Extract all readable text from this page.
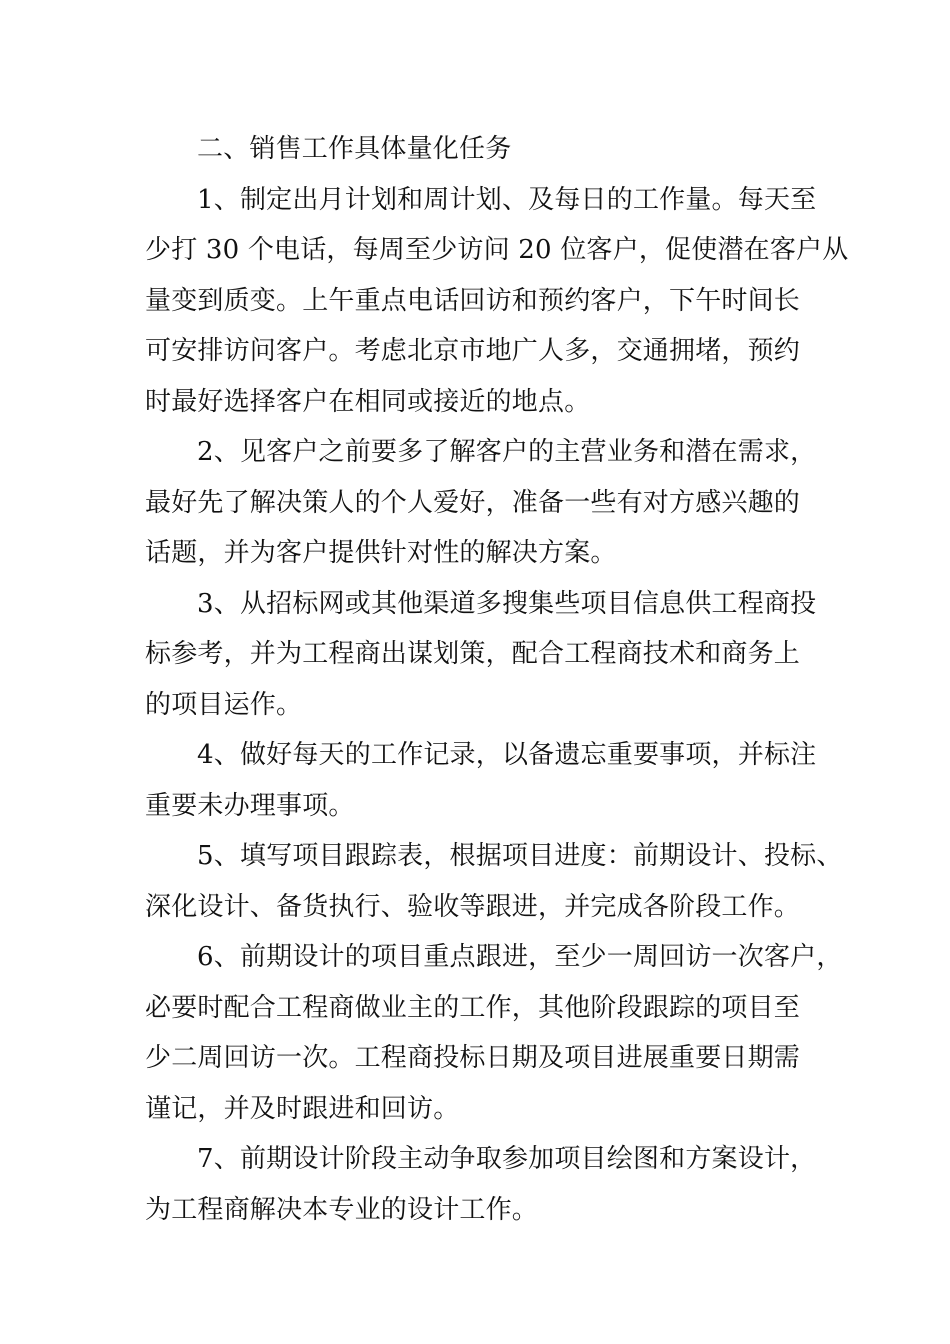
二、销售工作具体量化任务
1、制定出月计划和周计划、及每日的工作量。每天至
少打 30 个电话，每周至少访问 20 位客户，促使潜在客户从
量变到质变。上午重点电话回访和预约客户，下午时间长
可安排访问客户。考虑北京市地广人多，交通拥堵，预约
时最好选择客户在相同或接近的地点。
2、见客户之前要多了解客户的主营业务和潜在需求，
最好先了解决策人的个人爱好，准备一些有对方感兴趣的
话题，并为客户提供针对性的解决方案。
3、从招标网或其他渠道多搜集些项目信息供工程商投
标参考，并为工程商出谋划策，配合工程商技术和商务上
的项目运作。
4、做好每天的工作记录，以备遗忘重要事项，并标注
重要未办理事项。
5、填写项目跟踪表，根据项目进度：前期设计、投标、
深化设计、备货执行、验收等跟进，并完成各阶段工作。
6、前期设计的项目重点跟进，至少一周回访一次客户，
必要时配合工程商做业主的工作，其他阶段跟踪的项目至
少二周回访一次。工程商投标日期及项目进展重要日期需
谨记，并及时跟进和回访。
7、前期设计阶段主动争取参加项目绘图和方案设计，
为工程商解决本专业的设计工作。
